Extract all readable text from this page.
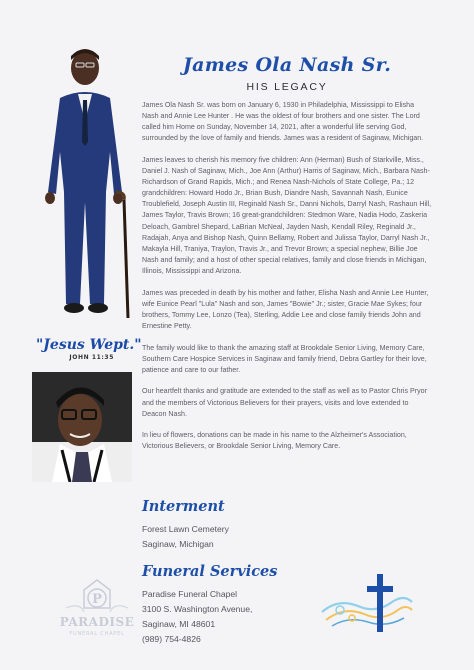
"Jesus Wept."
JOHN 11:35
James Ola Nash Sr.
HIS LEGACY

James Ola Nash Sr. was born on January 6, 1930 in Philadelphia, Mississippi to Elisha Nash and Annie Lee Hunter . He was the oldest of four brothers and one sister. The Lord called him Home on Sunday, November 14, 2021, after a wonderful life serving God, surrounded by the love of family and friends. James was a resident of Saginaw, Michigan.

James leaves to cherish his memory five children: Ann (Herman) Bush of Starkville, Miss., Daniel J. Nash of Saginaw, Mich., Joe Ann (Arthur) Harris of Saginaw, Mich., Barbara Nash-Richardson of Grand Rapids, Mich.; and Renea Nash-Nichols of State College, Pa.; 12 grandchildren: Howard Hodo Jr., Brian Bush, Diandre Nash, Savannah Nash, Eunice Troublefield, Joseph Austin III, Reginald Nash Sr., Danni Nichols, Darryl Nash, Rashaun Hill, James Taylor, Travis Brown; 16 great-grandchildren: Stedmon Ware, Nadia Hodo, Zaskeria Deloach, Gambrel Shepard, LaBrian McNeal, Jayden Nash, Kendall Riley, Reginald Jr., Radajah, Anya and Bishop Nash, Quinn Bellamy, Robert and Julissa Taylor, Darryl Nash Jr., Makayla Hill, Traniya, Traylon, Travis Jr., and Trevor Brown; a special nephew, Billie Joe Nash and family; and a host of other special relatives, family and close friends in Michigan, Illinois, Mississippi and Arizona.

James was preceded in death by his mother and father, Elisha Nash and Annie Lee Hunter, wife Eunice Pearl "Lula" Nash and son, James "Bowie" Jr.; sister, Gracie Mae Sykes; four brothers, Tommy Lee, Lonzo (Tea), Sterling, Addie Lee and close family friends John and Ernestine Petty.

The family would like to thank the amazing staff at Brookdale Senior Living, Memory Care, Southern Care Hospice Services in Saginaw and family friend, Debra Gartley for their love, patience and care to our father.

Our heartfelt thanks and gratitude are extended to the staff as well as to Pastor Chris Pryor and the members of Victorious Believers for their prayers, visits and love extended to Deacon Nash.

In lieu of flowers, donations can be made in his name to the Alzheimer's Association, Victorious Believers, or Brookdale Senior Living, Memory Care.

Interment
Forest Lawn Cemetery
Saginaw, Michigan
Funeral Services
Paradise Funeral Chapel
3100 S. Washington Avenue,
Saginaw, MI 48601
(989) 754-4826
P
PARADISE
FUNERAL CHAPEL
